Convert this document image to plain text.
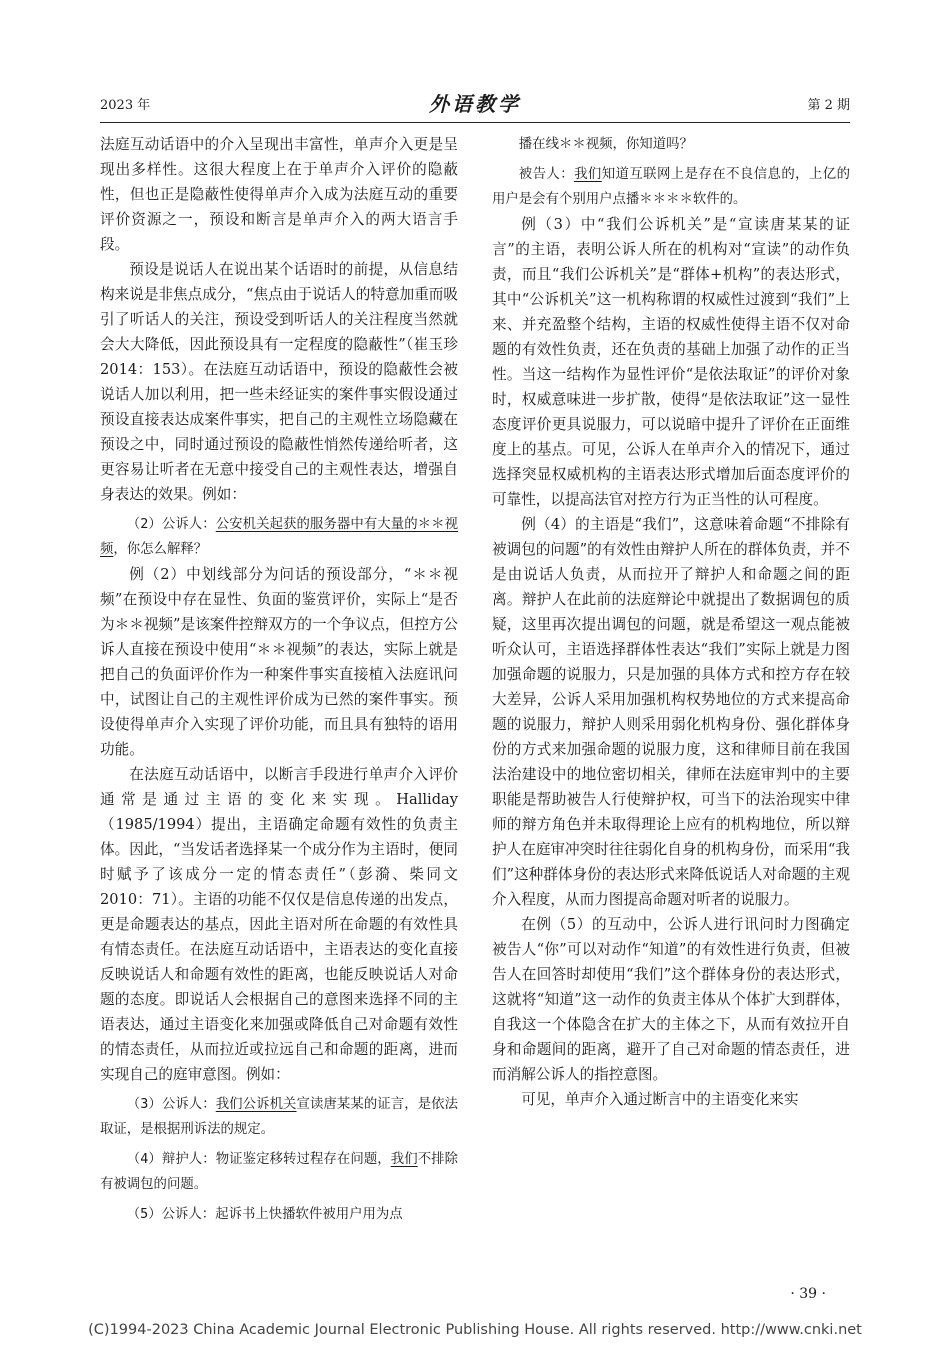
2023 年	外语教学	第 2 期

法庭互动话语中的介入呈现出丰富性，单声介入更是呈现出多样性。这很大程度上在于单声介入评价的隐蔽性，但也正是隐蔽性使得单声介入成为法庭互动的重要评价资源之一，预设和断言是单声介入的两大语言手段。

预设是说话人在说出某个话语时的前提，从信息结构来说是非焦点成分，“焦点由于说话人的特意加重而吸引了听话人的关注，预设受到听话人的关注程度当然就会大大降低，因此预设具有一定程度的隐蔽性”（崔玉珍 2014：153）。在法庭互动话语中，预设的隐蔽性会被说话人加以利用，把一些未经证实的案件事实假设通过预设直接表达成案件事实，把自己的主观性立场隐藏在预设之中，同时通过预设的隐蔽性悄然传递给听者，这更容易让听者在无意中接受自己的主观性表达，增强自身表达的效果。例如：

（2）公诉人：公安机关起获的服务器中有大量的＊＊视频，你怎么解释？

例（2）中划线部分为问话的预设部分，“＊＊视频”在预设中存在显性、负面的鉴赏评价，实际上“是否为＊＊视频”是该案件控辩双方的一个争议点，但控方公诉人直接在预设中使用“＊＊视频”的表达，实际上就是把自己的负面评价作为一种案件事实直接植入法庭讯问中，试图让自己的主观性评价成为已然的案件事实。预设使得单声介入实现了评价功能，而且具有独特的语用功能。

在法庭互动话语中，以断言手段进行单声介入评价通常是通过主语的变化来实现。Halliday（1985/1994）提出，主语确定命题有效性的负责主体。因此，“当发话者选择某一个成分作为主语时，便同时赋予了该成分一定的情态责任”（彭漪、柴同文 2010：71）。主语的功能不仅仅是信息传递的出发点，更是命题表达的基点，因此主语对所在命题的有效性具有情态责任。在法庭互动话语中，主语表达的变化直接反映说话人和命题有效性的距离，也能反映说话人对命题的态度。即说话人会根据自己的意图来选择不同的主语表达，通过主语变化来加强或降低自己对命题有效性的情态责任，从而拉近或拉远自己和命题的距离，进而实现自己的庭审意图。例如：

（3）公诉人：我们公诉机关宣读唐某某的证言，是依法取证，是根据刑诉法的规定。

（4）辩护人：物证鉴定移转过程存在问题，我们不排除有被调包的问题。

（5）公诉人：起诉书上快播软件被用户用为点

播在线＊＊视频，你知道吗？

被告人：我们知道互联网上是存在不良信息的，上亿的用户是会有个别用户点播＊＊＊＊软件的。

例（3）中“我们公诉机关”是“宣读唐某某的证言”的主语，表明公诉人所在的机构对“宣读”的动作负责，而且“我们公诉机关”是“群体+机构”的表达形式，其中“公诉机关”这一机构称谓的权威性过渡到“我们”上来、并充盈整个结构，主语的权威性使得主语不仅对命题的有效性负责，还在负责的基础上加强了动作的正当性。当这一结构作为显性评价“是依法取证”的评价对象时，权威意味进一步扩散，使得“是依法取证”这一显性态度评价更具说服力，可以说暗中提升了评价在正面维度上的基点。可见，公诉人在单声介入的情况下，通过选择突显权威机构的主语表达形式增加后面态度评价的可靠性，以提高法官对控方行为正当性的认可程度。

例（4）的主语是“我们”，这意味着命题“不排除有被调包的问题”的有效性由辩护人所在的群体负责，并不是由说话人负责，从而拉开了辩护人和命题之间的距离。辩护人在此前的法庭辩论中就提出了数据调包的质疑，这里再次提出调包的问题，就是希望这一观点能被听众认可，主语选择群体性表达“我们”实际上就是力图加强命题的说服力，只是加强的具体方式和控方存在较大差异，公诉人采用加强机构权势地位的方式来提高命题的说服力，辩护人则采用弱化机构身份、强化群体身份的方式来加强命题的说服力度，这和律师目前在我国法治建设中的地位密切相关，律师在法庭审判中的主要职能是帮助被告人行使辩护权，可当下的法治现实中律师的辩方角色并未取得理论上应有的机构地位，所以辩护人在庭审冲突时往往弱化自身的机构身份，而采用“我们”这种群体身份的表达形式来降低说话人对命题的主观介入程度，从而力图提高命题对听者的说服力。

在例（5）的互动中，公诉人进行讯问时力图确定被告人“你”可以对动作“知道”的有效性进行负责，但被告人在回答时却使用“我们”这个群体身份的表达形式，这就将“知道”这一动作的负责主体从个体扩大到群体，自我这一个体隐含在扩大的主体之下，从而有效拉开自身和命题间的距离，避开了自己对命题的情态责任，进而消解公诉人的指控意图。

可见，单声介入通过断言中的主语变化来实

· 39 ·
(C)1994-2023 China Academic Journal Electronic Publishing House. All rights reserved. http://www.cnki.net
